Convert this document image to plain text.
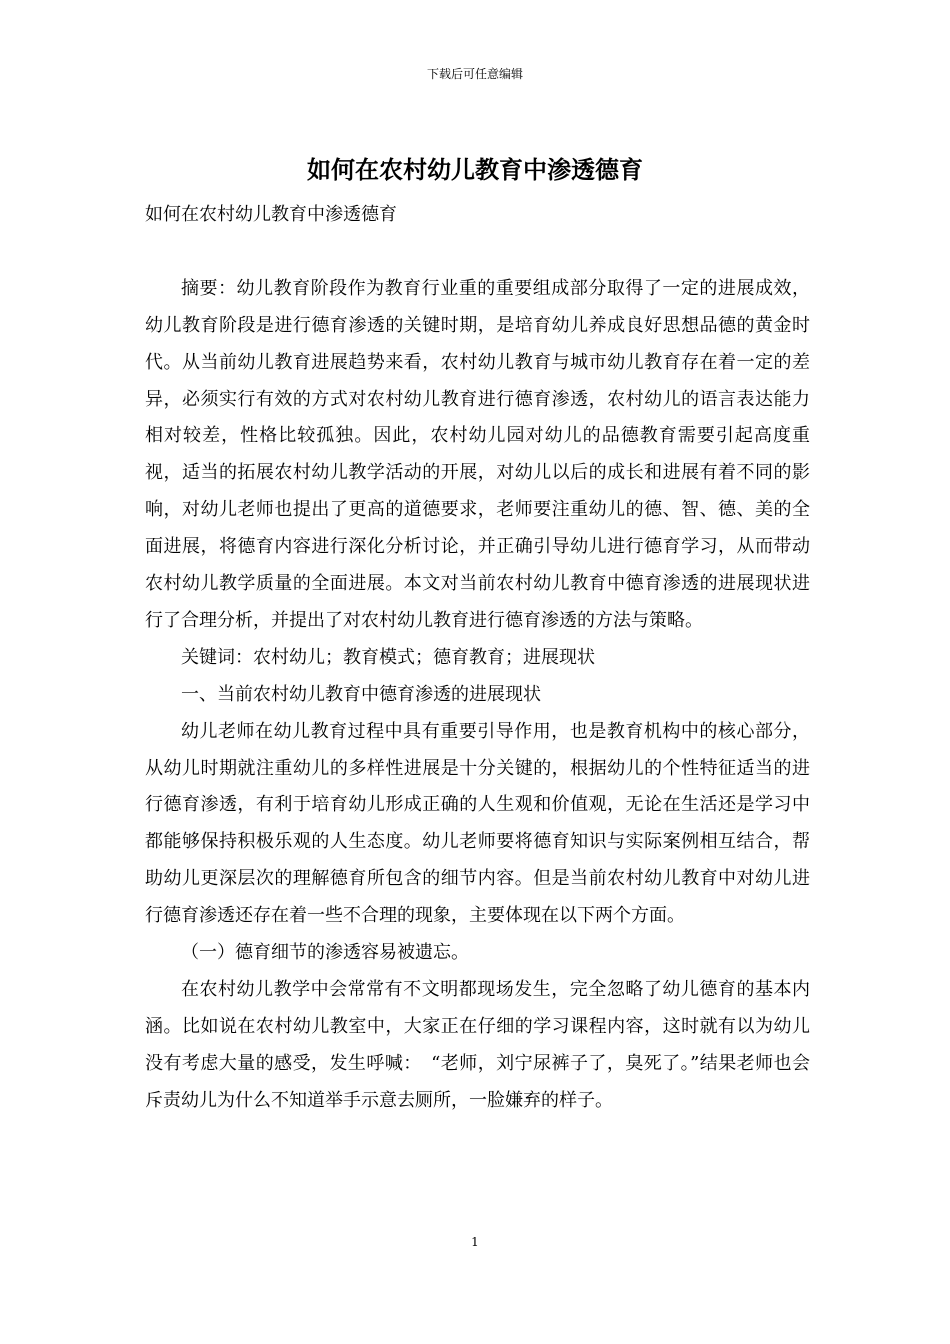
下载后可任意编辑
如何在农村幼儿教育中渗透德育

如何在农村幼儿教育中渗透德育

摘要：幼儿教育阶段作为教育行业重的重要组成部分取得了一定的进展成效，幼儿教育阶段是进行德育渗透的关键时期，是培育幼儿养成良好思想品德的黄金时代。从当前幼儿教育进展趋势来看，农村幼儿教育与城市幼儿教育存在着一定的差异，必须实行有效的方式对农村幼儿教育进行德育渗透，农村幼儿的语言表达能力相对较差，性格比较孤独。因此，农村幼儿园对幼儿的品德教育需要引起高度重视，适当的拓展农村幼儿教学活动的开展，对幼儿以后的成长和进展有着不同的影响，对幼儿老师也提出了更高的道德要求，老师要注重幼儿的德、智、德、美的全面进展，将德育内容进行深化分析讨论，并正确引导幼儿进行德育学习，从而带动农村幼儿教学质量的全面进展。本文对当前农村幼儿教育中德育渗透的进展现状进行了合理分析，并提出了对农村幼儿教育进行德育渗透的方法与策略。

关键词：农村幼儿；教育模式；德育教育；进展现状

一、当前农村幼儿教育中德育渗透的进展现状

幼儿老师在幼儿教育过程中具有重要引导作用，也是教育机构中的核心部分，从幼儿时期就注重幼儿的多样性进展是十分关键的，根据幼儿的个性特征适当的进行德育渗透，有利于培育幼儿形成正确的人生观和价值观，无论在生活还是学习中都能够保持积极乐观的人生态度。幼儿老师要将德育知识与实际案例相互结合，帮助幼儿更深层次的理解德育所包含的细节内容。但是当前农村幼儿教育中对幼儿进行德育渗透还存在着一些不合理的现象，主要体现在以下两个方面。

（一）德育细节的渗透容易被遗忘。

在农村幼儿教学中会常常有不文明都现场发生，完全忽略了幼儿德育的基本内涵。比如说在农村幼儿教室中，大家正在仔细的学习课程内容，这时就有以为幼儿没有考虑大量的感受，发生呼喊：　“老师，刘宁尿裤子了，臭死了。”结果老师也会斥责幼儿为什么不知道举手示意去厕所，一脸嫌弃的样子。

1
